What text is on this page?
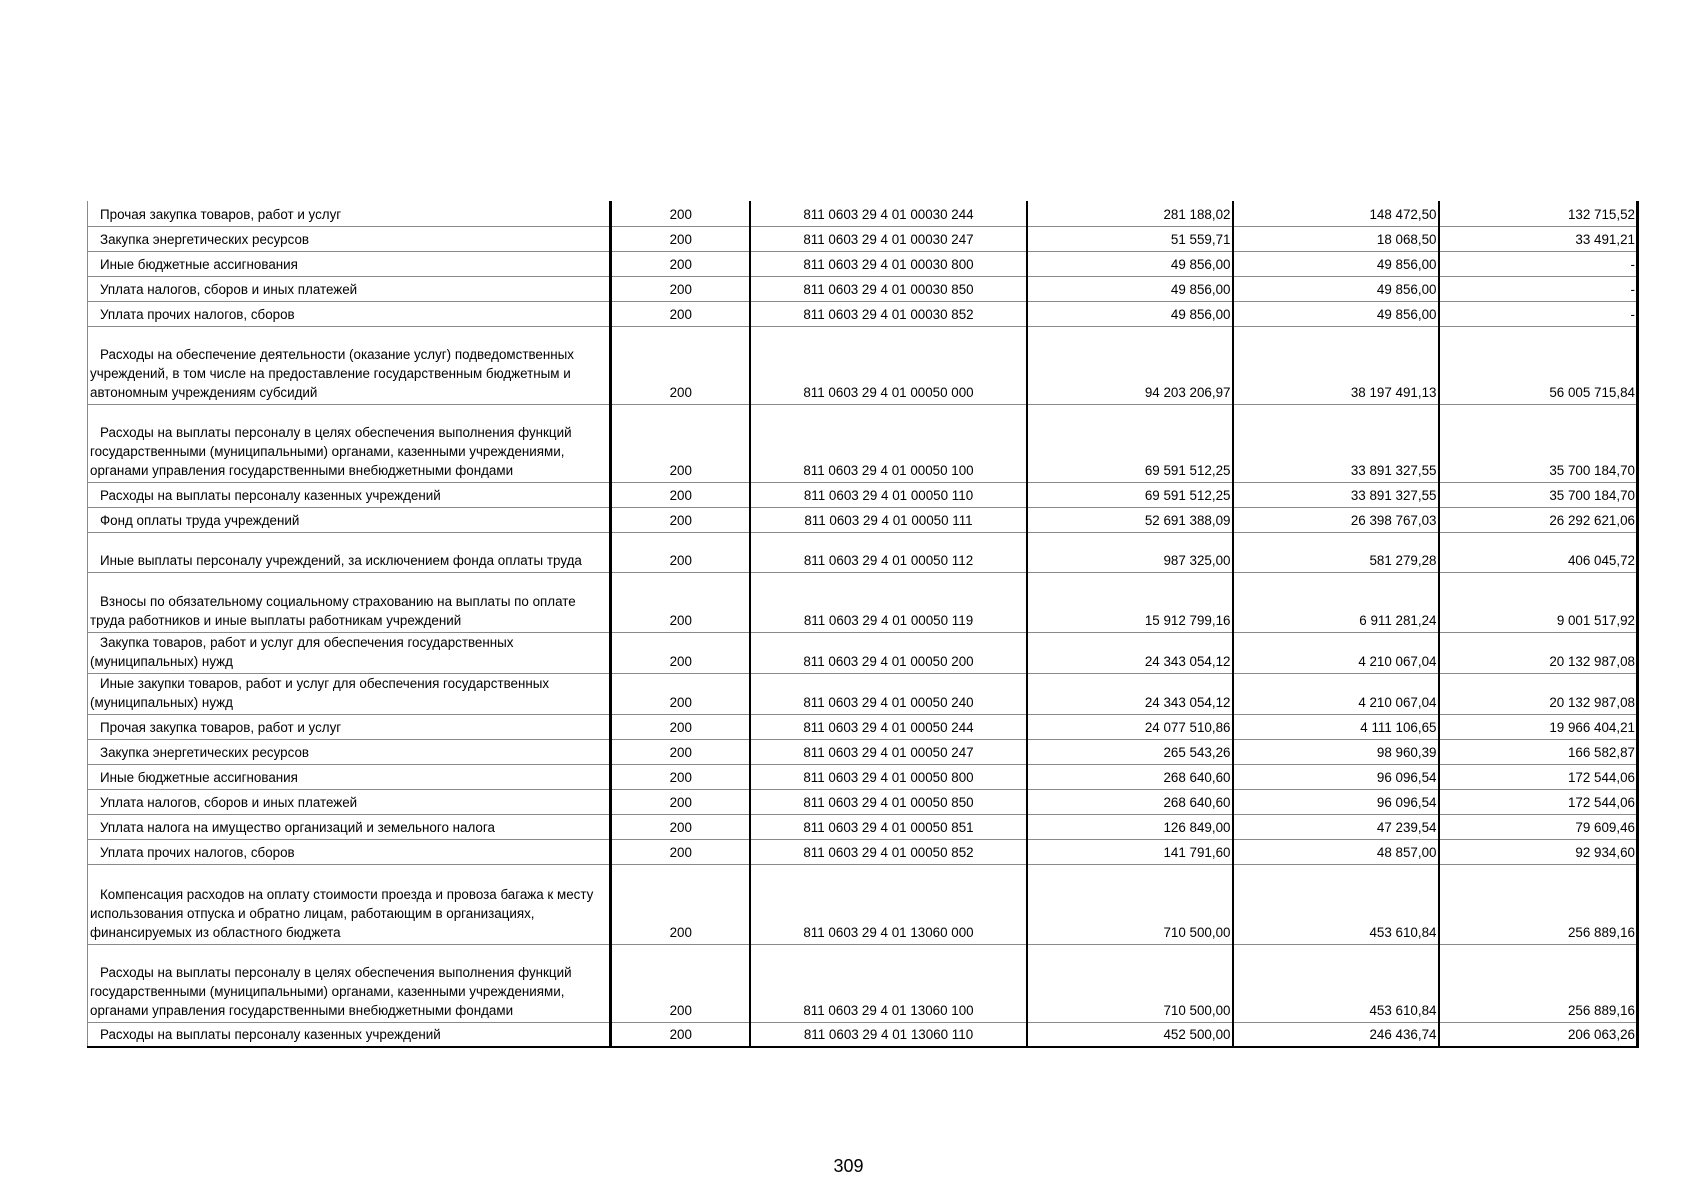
Прочая закупка товаров, работ и услуг	200	811 0603 29 4 01 00030 244	281 188,02	148 472,50	132 715,52
Закупка энергетических ресурсов	200	811 0603 29 4 01 00030 247	51 559,71	18 068,50	33 491,21
Иные бюджетные ассигнования	200	811 0603 29 4 01 00030 800	49 856,00	49 856,00	-
Уплата налогов, сборов и иных платежей	200	811 0603 29 4 01 00030 850	49 856,00	49 856,00	-
Уплата прочих налогов, сборов	200	811 0603 29 4 01 00030 852	49 856,00	49 856,00	-
Расходы на обеспечение деятельности (оказание услуг) подведомственных учреждений, в том числе на предоставление государственным бюджетным и автономным учреждениям субсидий	200	811 0603 29 4 01 00050 000	94 203 206,97	38 197 491,13	56 005 715,84
Расходы на выплаты персоналу в целях обеспечения выполнения функций государственными (муниципальными) органами, казенными учреждениями, органами управления государственными внебюджетными фондами	200	811 0603 29 4 01 00050 100	69 591 512,25	33 891 327,55	35 700 184,70
Расходы на выплаты персоналу казенных учреждений	200	811 0603 29 4 01 00050 110	69 591 512,25	33 891 327,55	35 700 184,70
Фонд оплаты труда учреждений	200	811 0603 29 4 01 00050 111	52 691 388,09	26 398 767,03	26 292 621,06
Иные выплаты персоналу учреждений, за исключением фонда оплаты труда	200	811 0603 29 4 01 00050 112	987 325,00	581 279,28	406 045,72
Взносы по обязательному социальному страхованию на выплаты по оплате труда работников и иные выплаты работникам учреждений	200	811 0603 29 4 01 00050 119	15 912 799,16	6 911 281,24	9 001 517,92
Закупка товаров, работ и услуг для обеспечения государственных (муниципальных) нужд	200	811 0603 29 4 01 00050 200	24 343 054,12	4 210 067,04	20 132 987,08
Иные закупки товаров, работ и услуг для обеспечения государственных (муниципальных) нужд	200	811 0603 29 4 01 00050 240	24 343 054,12	4 210 067,04	20 132 987,08
Прочая закупка товаров, работ и услуг	200	811 0603 29 4 01 00050 244	24 077 510,86	4 111 106,65	19 966 404,21
Закупка энергетических ресурсов	200	811 0603 29 4 01 00050 247	265 543,26	98 960,39	166 582,87
Иные бюджетные ассигнования	200	811 0603 29 4 01 00050 800	268 640,60	96 096,54	172 544,06
Уплата налогов, сборов и иных платежей	200	811 0603 29 4 01 00050 850	268 640,60	96 096,54	172 544,06
Уплата налога на имущество организаций и земельного налога	200	811 0603 29 4 01 00050 851	126 849,00	47 239,54	79 609,46
Уплата прочих налогов, сборов	200	811 0603 29 4 01 00050 852	141 791,60	48 857,00	92 934,60
Компенсация расходов на оплату стоимости проезда и провоза багажа к месту использования отпуска и обратно лицам, работающим в организациях, финансируемых из областного бюджета	200	811 0603 29 4 01 13060 000	710 500,00	453 610,84	256 889,16
Расходы на выплаты персоналу в целях обеспечения выполнения функций государственными (муниципальными) органами, казенными учреждениями, органами управления государственными внебюджетными фондами	200	811 0603 29 4 01 13060 100	710 500,00	453 610,84	256 889,16
Расходы на выплаты персоналу казенных учреждений	200	811 0603 29 4 01 13060 110	452 500,00	246 436,74	206 063,26
309
